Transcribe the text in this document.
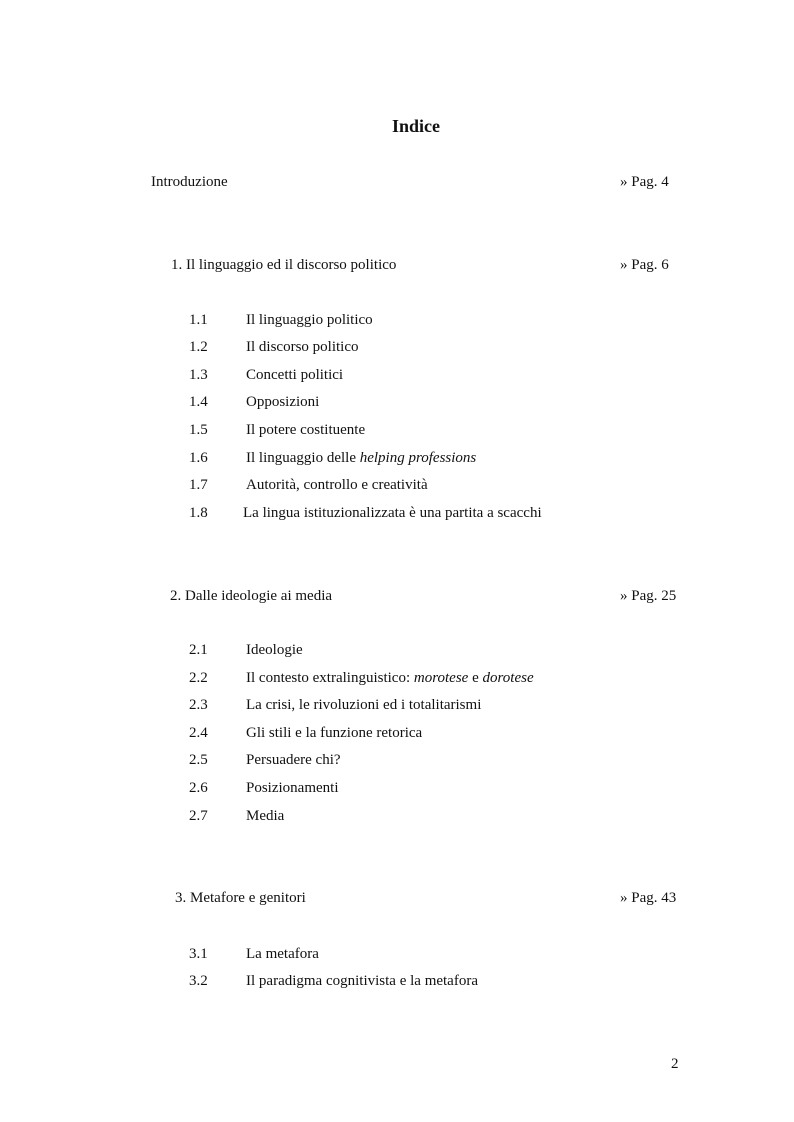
Indice
Introduzione	» Pag. 4
1. Il linguaggio ed il discorso politico	» Pag. 6
1.1	Il linguaggio politico
1.2	Il discorso politico
1.3	Concetti politici
1.4	Opposizioni
1.5	Il potere costituente
1.6	Il linguaggio delle helping professions
1.7	Autorità, controllo e creatività
1.8 La lingua istituzionalizzata è una partita a scacchi
2. Dalle ideologie ai media	» Pag. 25
2.1	Ideologie
2.2	Il contesto extralinguistico: morotese e dorotese
2.3	La crisi, le rivoluzioni ed i totalitarismi
2.4	Gli stili e la funzione retorica
2.5	Persuadere chi?
2.6	Posizionamenti
2.7	Media
3. Metafore e genitori	» Pag. 43
3.1	La metafora
3.2	Il paradigma cognitivista e la metafora
2
